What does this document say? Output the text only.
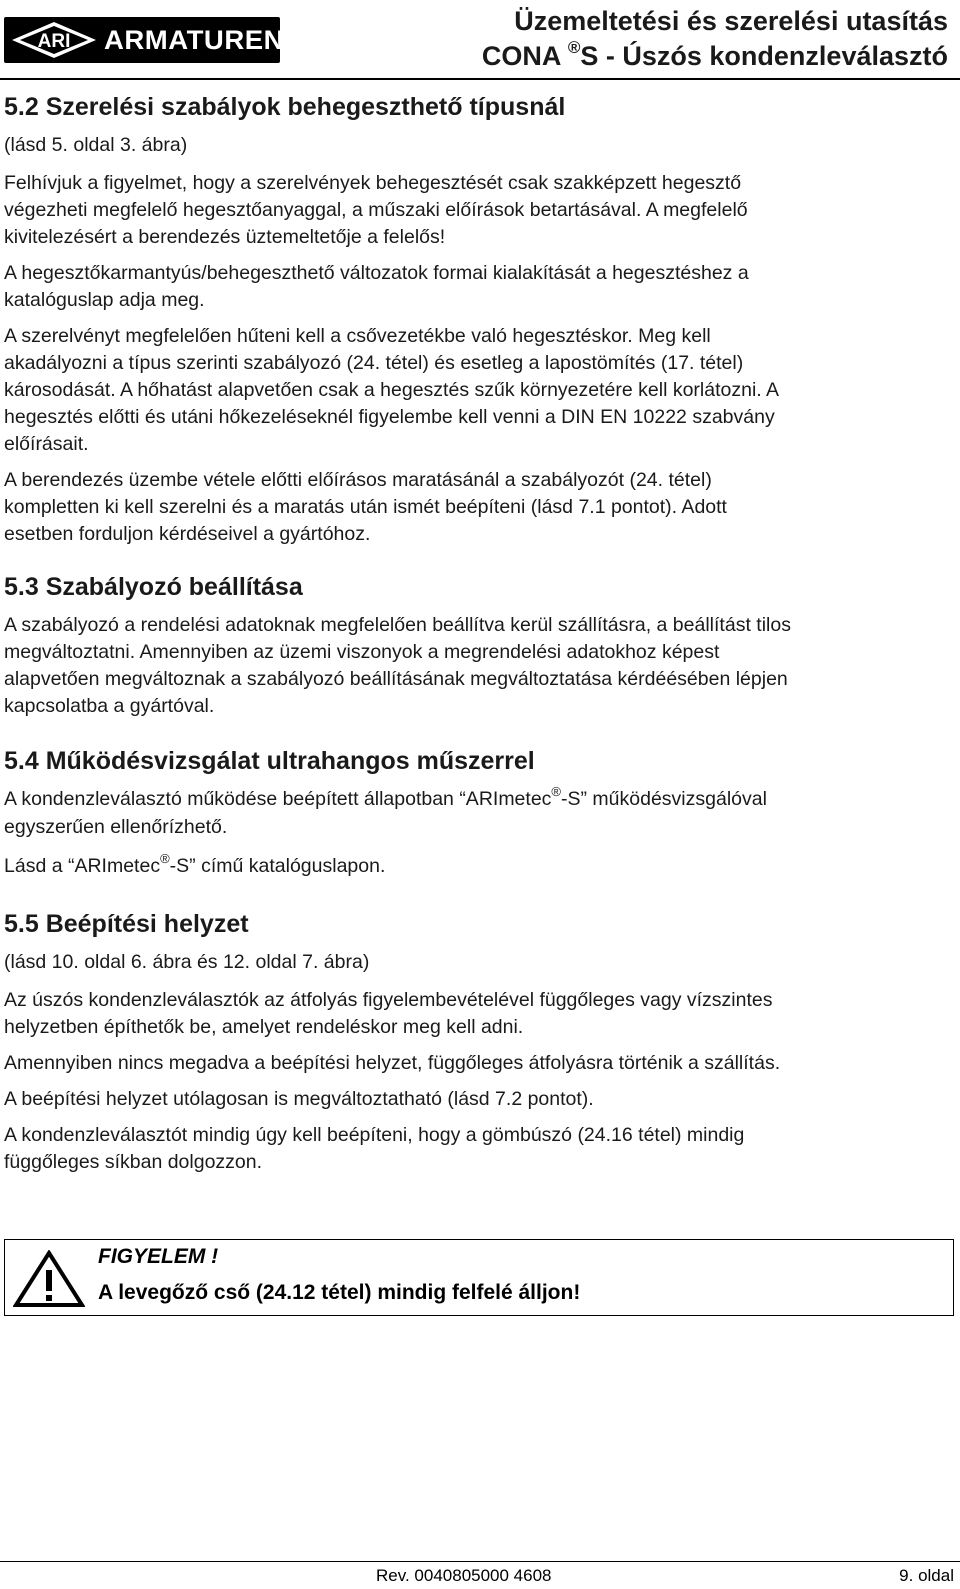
ARI ARMATUREN
Üzemeltetési és szerelési utasítás
CONA ®S - Úszós kondenzleválasztó
5.2 Szerelési szabályok behegeszthető típusnál

(lásd 5. oldal 3. ábra)

Felhívjuk a figyelmet, hogy a szerelvények behegesztését csak szakképzett hegesztő

végezheti megfelelő hegesztőanyaggal, a műszaki előírások betartásával. A megfelelő

kivitelezésért a berendezés üztemeltetője a felelős!

A hegesztőkarmantyús/behegeszthető változatok formai kialakítását a hegesztéshez a

katalóguslap adja meg.

A szerelvényt megfelelően hűteni kell a csővezetékbe való hegesztéskor. Meg kell

akadályozni a típus szerinti szabályozó (24. tétel) és esetleg a lapostömítés (17. tétel)

károsodását. A hőhatást alapvetően csak a hegesztés szűk környezetére kell korlátozni. A

hegesztés előtti és utáni hőkezeléseknél figyelembe kell venni a DIN EN 10222 szabvány

előírásait.

A berendezés üzembe vétele előtti előírásos maratásánál a szabályozót (24. tétel)

kompletten ki kell szerelni és a maratás után ismét beépíteni (lásd 7.1 pontot). Adott

esetben forduljon kérdéseivel a gyártóhoz.

5.3 Szabályozó beállítása

A szabályozó a rendelési adatoknak megfelelően beállítva kerül szállításra, a beállítást tilos

megváltoztatni. Amennyiben az üzemi viszonyok a megrendelési adatokhoz képest

alapvetően megváltoznak a szabályozó beállításának megváltoztatása kérdéésében lépjen

kapcsolatba a gyártóval.

5.4 Működésvizsgálat ultrahangos műszerrel

A kondenzleválasztó működése beépített állapotban “ARImetec®-S” működésvizsgálóval

egyszerűen ellenőrízhető.

Lásd a “ARImetec®-S” című katalóguslapon.

5.5 Beépítési helyzet

(lásd 10. oldal 6. ábra és 12. oldal 7. ábra)

Az úszós kondenzleválasztók az átfolyás figyelembevételével függőleges vagy vízszintes

helyzetben építhetők be, amelyet rendeléskor meg kell adni.

Amennyiben nincs megadva a beépítési helyzet, függőleges átfolyásra történik a szállítás.

A beépítési helyzet utólagosan is megváltoztatható (lásd 7.2 pontot).

A kondenzleválasztót mindig úgy kell beépíteni, hogy a gömbúszó (24.16 tétel) mindig

függőleges síkban dolgozzon.

FIGYELEM !
A levegőző cső (24.12 tétel) mindig felfelé álljon!
Rev. 0040805000 4608	9. oldal
